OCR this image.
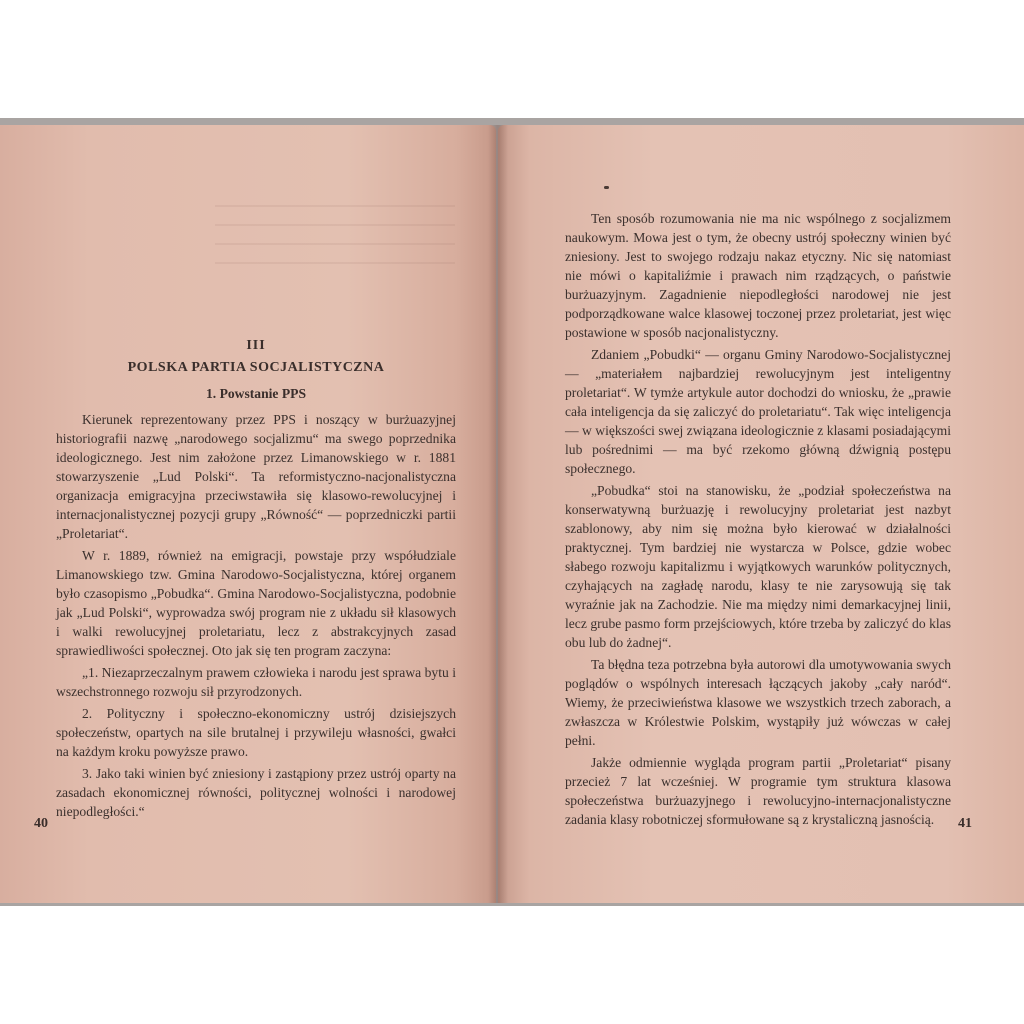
III
POLSKA PARTIA SOCJALISTYCZNA
1. Powstanie PPS

Kierunek reprezentowany przez PPS i noszący w burżuazyjnej historiografii nazwę „narodowego socjalizmu“ ma swego poprzednika ideologicznego. Jest nim założone przez Limanowskiego w r. 1881 stowarzyszenie „Lud Polski“. Ta reformistyczno-nacjonalistyczna organizacja emigracyjna przeciwstawiła się klasowo-rewolucyjnej i internacjonalistycznej pozycji grupy „Równość“ — poprzedniczki partii „Proletariat“.

W r. 1889, również na emigracji, powstaje przy współudziale Limanowskiego tzw. Gmina Narodowo-Socjalistyczna, której organem było czasopismo „Pobudka“. Gmina Narodowo-Socjalistyczna, podobnie jak „Lud Polski“, wyprowadza swój program nie z układu sił klasowych i walki rewolucyjnej proletariatu, lecz z abstrakcyjnych zasad sprawiedliwości społecznej. Oto jak się ten program zaczyna:

„1. Niezaprzeczalnym prawem człowieka i narodu jest sprawa bytu i wszechstronnego rozwoju sił przyrodzonych.

2. Polityczny i społeczno-ekonomiczny ustrój dzisiejszych społeczeństw, opartych na sile brutalnej i przywileju własności, gwałci na każdym kroku powyższe prawo.

3. Jako taki winien być zniesiony i zastąpiony przez ustrój oparty na zasadach ekonomicznej równości, politycznej wolności i narodowej niepodległości.“

Ten sposób rozumowania nie ma nic wspólnego z socjalizmem naukowym. Mowa jest o tym, że obecny ustrój społeczny winien być zniesiony. Jest to swojego rodzaju nakaz etyczny. Nic się natomiast nie mówi o kapitaliźmie i prawach nim rządzących, o państwie burżuazyjnym. Zagadnienie niepodległości narodowej nie jest podporządkowane walce klasowej toczonej przez proletariat, jest więc postawione w sposób nacjonalistyczny.

Zdaniem „Pobudki“ — organu Gminy Narodowo-Socjalistycznej — „materiałem najbardziej rewolucyjnym jest inteligentny proletariat“. W tymże artykule autor dochodzi do wniosku, że „prawie cała inteligencja da się zaliczyć do proletariatu“. Tak więc inteligencja — w większości swej związana ideologicznie z klasami posiadającymi lub pośrednimi — ma być rzekomo główną dźwignią postępu społecznego.

„Pobudka“ stoi na stanowisku, że „podział społeczeństwa na konserwatywną burżuazję i rewolucyjny proletariat jest nazbyt szablonowy, aby nim się można było kierować w działalności praktycznej. Tym bardziej nie wystarcza w Polsce, gdzie wobec słabego rozwoju kapitalizmu i wyjątkowych warunków politycznych, czyhających na zagładę narodu, klasy te nie zarysowują się tak wyraźnie jak na Zachodzie. Nie ma między nimi demarkacyjnej linii, lecz grube pasmo form przejściowych, które trzeba by zaliczyć do klas obu lub do żadnej“.

Ta błędna teza potrzebna była autorowi dla umotywowania swych poglądów o wspólnych interesach łączących jakoby „cały naród“. Wiemy, że przeciwieństwa klasowe we wszystkich trzech zaborach, a zwłaszcza w Królestwie Polskim, wystąpiły już wówczas w całej pełni.

Jakże odmiennie wygląda program partii „Proletariat“ pisany przecież 7 lat wcześniej. W programie tym struktura klasowa społeczeństwa burżuazyjnego i rewolucyjno-internacjonalistyczne zadania klasy robotniczej sformułowane są z krystaliczną jasnością.

40	41
